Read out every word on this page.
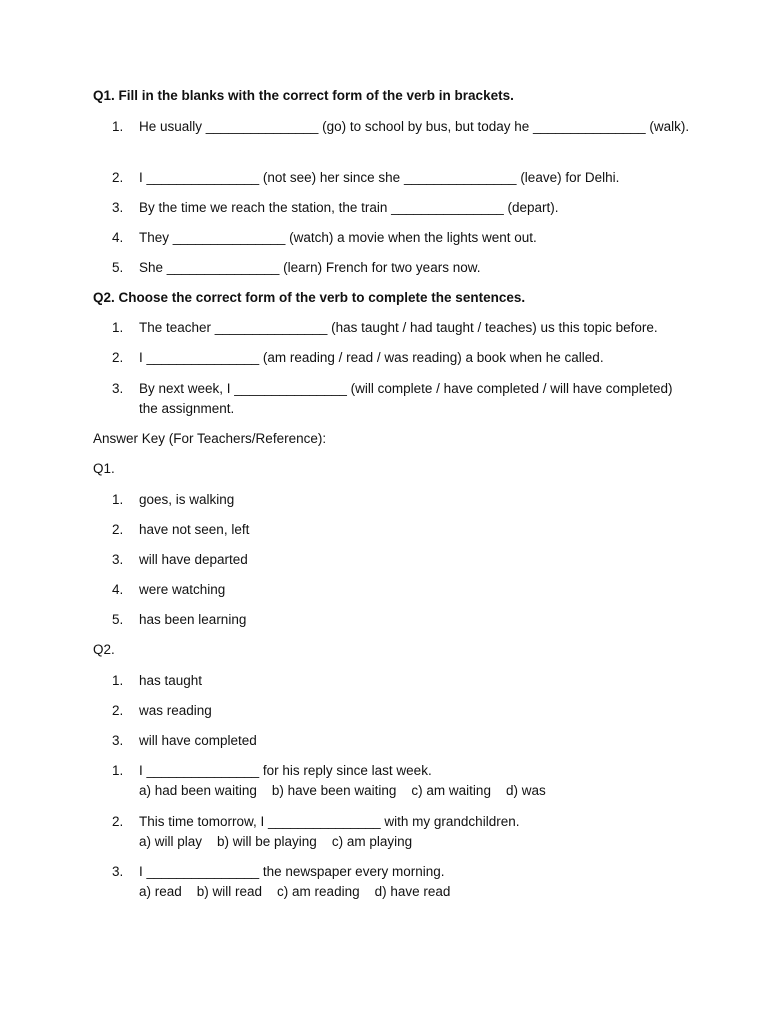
Q1. Fill in the blanks with the correct form of the verb in brackets.
1.	He usually _______________ (go) to school by bus, but today he _______________ (walk).
2.	I _______________ (not see) her since she _______________ (leave) for Delhi.
3.	By the time we reach the station, the train _______________ (depart).
4.	They _______________ (watch) a movie when the lights went out.
5.	She _______________ (learn) French for two years now.
Q2. Choose the correct form of the verb to complete the sentences.
1.	The teacher _______________ (has taught / had taught / teaches) us this topic before.
2.	I _______________ (am reading / read / was reading) a book when he called.
3.	By next week, I _______________ (will complete / have completed / will have completed) the assignment.
Answer Key (For Teachers/Reference):
Q1.
1.	goes, is walking
2.	have not seen, left
3.	will have departed
4.	were watching
5.	has been learning
Q2.
1.	has taught
2.	was reading
3.	will have completed
1.	I _______________ for his reply since last week.
a) had been waiting    b) have been waiting    c) am waiting    d) was
2.	This time tomorrow, I _______________ with my grandchildren.
a) will play    b) will be playing    c) am playing
3.	I _______________ the newspaper every morning.
a) read    b) will read    c) am reading    d) have read
